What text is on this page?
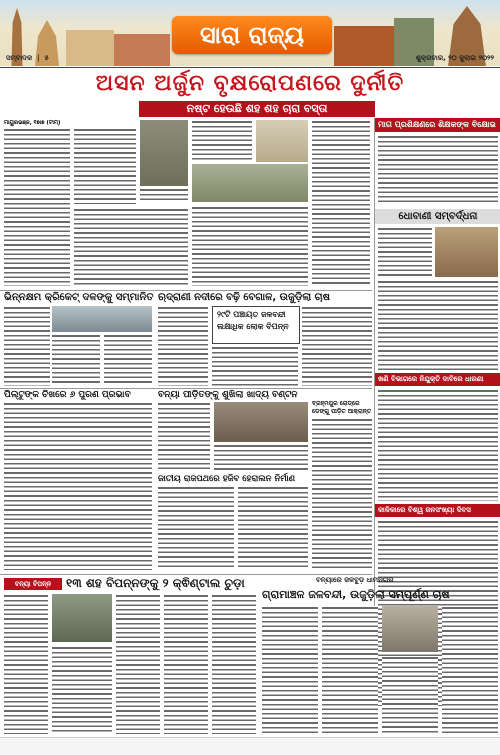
ସାରା ରାଜ୍ୟ
ସମ୍ବାଦକ  |  ୫	ଶୁକ୍ରବାର, ୨୦ ଜୁଲାଇ ୨୦୨୨
ଅସନ ଅର୍ଜୁନ ବୃକ୍ଷରୋପଣରେ ଦୁର୍ନୀତି
ନଷ୍ଟ ହେଉଛି ଶହ ଶହ ଚାରା ବସ୍ତା
ମାୟୁରଭଞ୍ଜ, ୧୭ା୭ (ଟୀମ୍‌)	ମାଗ ପ୍ରଶିକ୍ଷଣରେ ଶିକ୍ଷକଙ୍କ ବିକ୍ଷୋଭ
ଧୋବାଣୀ ସମ୍ବର୍ଦ୍ଧନା
ଖଣି ବିଭାଗରେ ନିଯୁକ୍ତି ଦାବିରେ ଧାରଣା
କାଳିକାରେ ବିଶ୍ୱ ଜନସଂଖ୍ୟା ଦିବସ
ଭିନ୍ନକ୍ଷମ କ୍ରିକେଟ୍ ଦଳଙ୍କୁ ସମ୍ମାନିତ ଋଦ୍ରାଣୀ ନଦୀରେ ବଢ଼ି ବେଗାଳ, ଉଜୁଡ଼ିଲା ଚାଷ
୨୯ଟି ପଞ୍ଚାୟତ ଜଳବନ୍ଦୀ
ଲକ୍ଷାଧିକ ଲୋକ ବିପନ୍ନ
ପିଲ୍ଟୁଙ୍କ ଚିଖରେ ୬ ପୁରଣ ପ୍ରଭାବ	ବନ୍ୟା ପୀଡ଼ିତଙ୍କୁ ଶୁଖିଲା ଖାଦ୍ୟ ବଣ୍ଟନ
ବ୍ରହ୍ମପୁର ରୋଡ୍‌ରେ ଡେଙ୍ଗୁ ପୀଡ଼ିତ ଆକ୍ରାନ୍ତ
ଜାତୀୟ ରାଜପଥରେ ହଜିବ ହେରାଲନ ନିର୍ମାଣ
ବନ୍ୟା ବିପନ୍ନ	୧୩ ଶହ ବିପନ୍ନଙ୍କୁ ୨ କ୍ଵିଣ୍ଟାଲ ଚୁଡ଼ା	ବନ୍ୟାରେ ଜଳବୁଡ଼ ଧାମନଗର
ଗ୍ରାମାଞ୍ଚଳ ଜଳବନ୍ଦୀ, ଉଜୁଡ଼ିଲା ସମ୍ପୂର୍ଣ୍ଣ ଚାଷ
